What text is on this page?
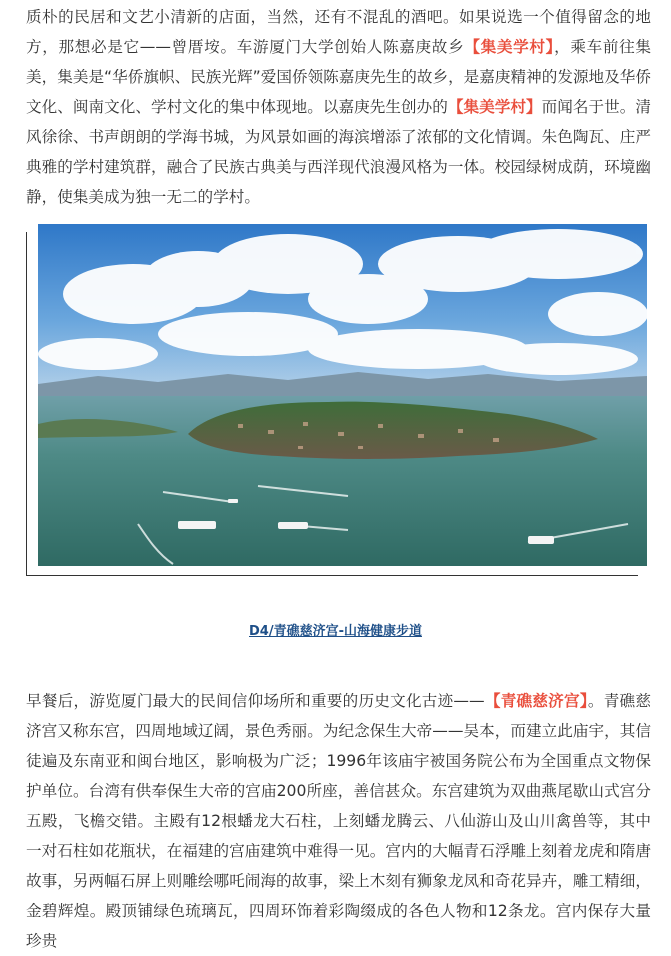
质朴的民居和文艺小清新的店面，当然，还有不混乱的酒吧。如果说选一个值得留念的地方，那想必是它——曾厝垵。车游厦门大学创始人陈嘉庚故乡【集美学村】，乘车前往集美，集美是“华侨旗帜、民族光辉”爱国侨领陈嘉庚先生的故乡，是嘉庚精神的发源地及华侨文化、闽南文化、学村文化的集中体现地。以嘉庚先生创办的【集美学村】而闻名于世。清风徐徐、书声朗朗的学海书城，为风景如画的海滨增添了浓郁的文化情调。朱色陶瓦、庄严典雅的学村建筑群，融合了民族古典美与西洋现代浪漫风格为一体。校园绿树成荫，环境幽静，使集美成为独一无二的学村。
D4/青礁慈济宫-山海健康步道
早餐后，游览厦门最大的民间信仰场所和重要的历史文化古迹——【青礁慈济宫】。青礁慈济宫又称东宫，四周地域辽阔，景色秀丽。为纪念保生大帝——吴本，而建立此庙宇，其信徒遍及东南亚和闽台地区，影响极为广泛；1996年该庙宇被国务院公布为全国重点文物保护单位。台湾有供奉保生大帝的宫庙200所座，善信甚众。东宫建筑为双曲燕尾歇山式宫分五殿，飞檐交错。主殿有12根蟠龙大石柱，上刻蟠龙腾云、八仙游山及山川禽兽等，其中一对石柱如花瓶状，在福建的宫庙建筑中难得一见。宫内的大幅青石浮雕上刻着龙虎和隋唐故事，另两幅石屏上则雕绘哪吒闹海的故事，梁上木刻有狮象龙凤和奇花异卉，雕工精细，金碧辉煌。殿顶铺绿色琉璃瓦，四周环饰着彩陶缀成的各色人物和12条龙。宫内保存大量珍贵
